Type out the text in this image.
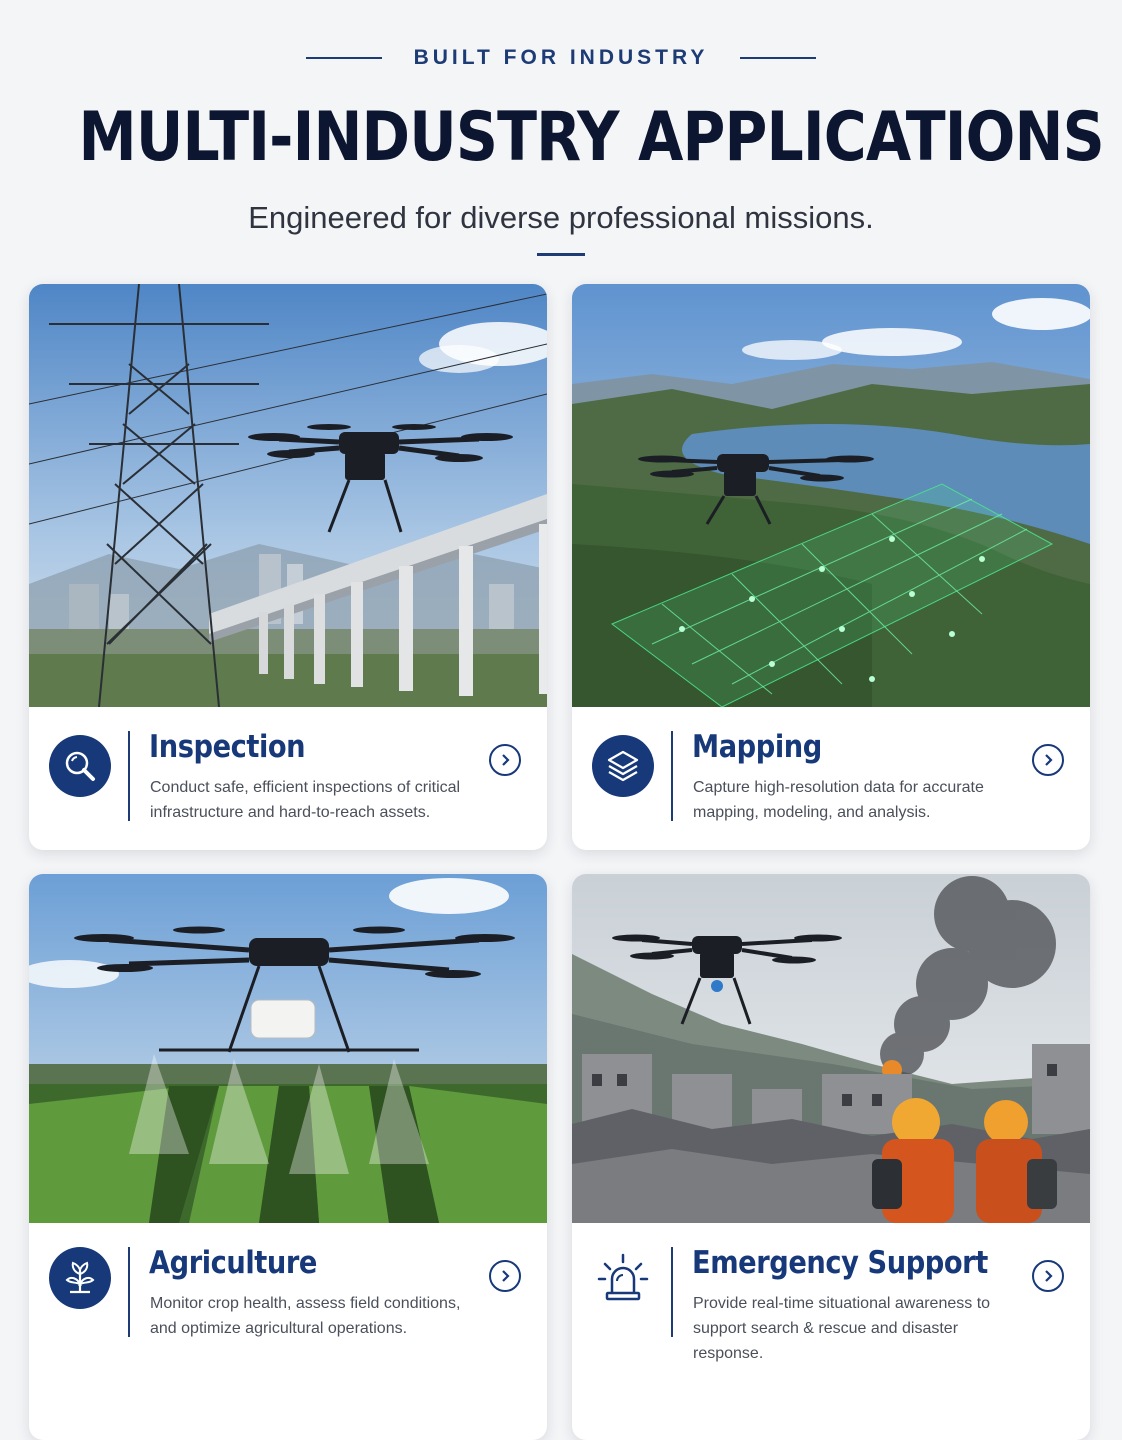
BUILT FOR INDUSTRY
MULTI-INDUSTRY APPLICATIONS
Engineered for diverse professional missions.
Inspection
Conduct safe, efficient inspections of critical infrastructure and hard-to-reach assets.
Mapping
Capture high-resolution data for accurate mapping, modeling, and analysis.
Agriculture
Monitor crop health, assess field conditions, and optimize agricultural operations.
Emergency Support
Provide real-time situational awareness to support search & rescue and disaster response.
